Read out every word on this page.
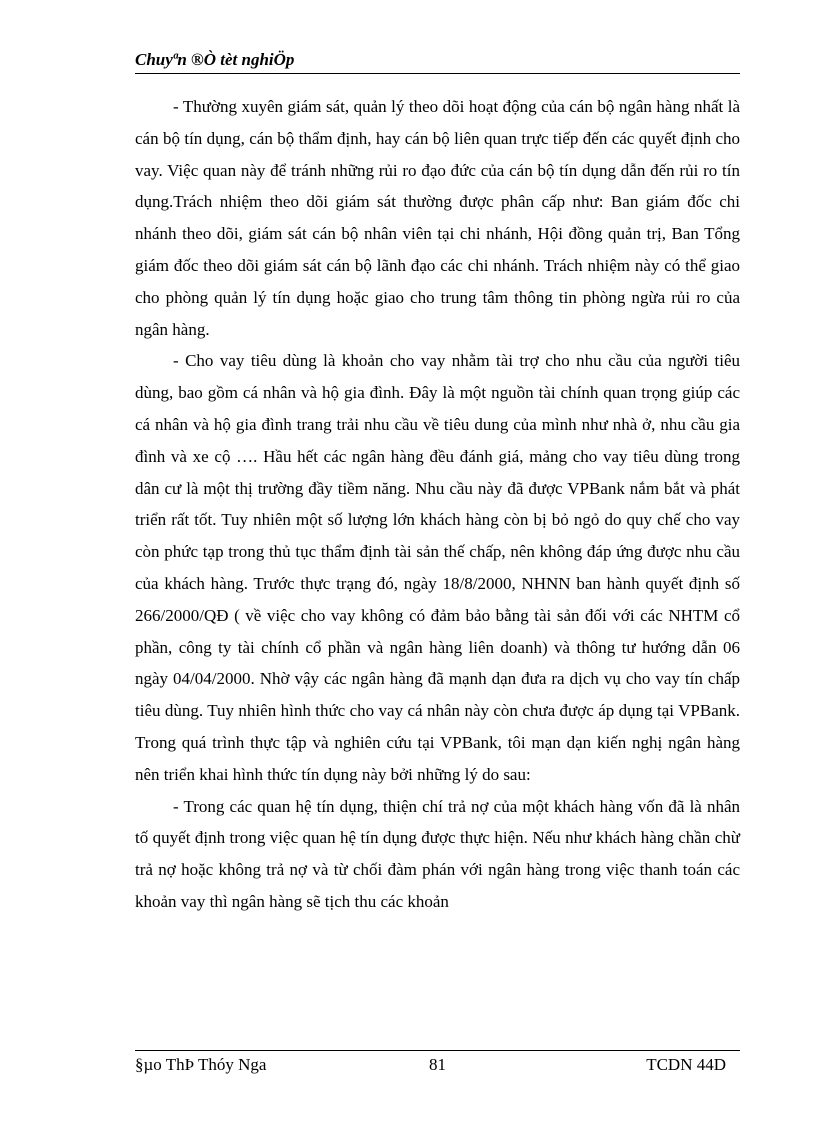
Chuyªn ®Ò tèt nghiÖp

- Thường xuyên giám sát, quản lý theo dõi hoạt động của cán bộ ngân hàng nhất là cán bộ tín dụng, cán bộ thẩm định, hay cán bộ liên quan trực tiếp đến các quyết định cho vay. Việc quan này để tránh những rủi ro đạo đức của cán bộ tín dụng dẫn đến rủi ro tín dụng.Trách nhiệm theo dõi giám sát thường được phân cấp như: Ban giám đốc chi nhánh theo dõi, giám sát cán bộ nhân viên tại chi nhánh, Hội đồng quản trị, Ban Tổng giám đốc theo dõi giám sát cán bộ lãnh đạo các chi nhánh. Trách nhiệm này có thể giao cho phòng quản lý tín dụng hoặc giao cho trung tâm thông tin phòng ngừa rủi ro của ngân hàng.

- Cho vay tiêu dùng là khoản cho vay nhằm tài trợ cho nhu cầu của người tiêu dùng, bao gồm cá nhân và hộ gia đình. Đây là một nguồn tài chính quan trọng giúp các cá nhân và hộ gia đình trang trải nhu cầu về tiêu dung của mình như nhà ở, nhu cầu gia đình và xe cộ …. Hầu hết các ngân hàng đều đánh giá, mảng cho vay tiêu dùng trong dân cư là một thị trường đầy tiềm năng. Nhu cầu này đã được VPBank nắm bắt và phát triển rất tốt. Tuy nhiên một số lượng lớn khách hàng còn bị bỏ ngỏ do quy chế cho vay còn phức tạp trong thủ tục thẩm định tài sản thế chấp, nên không đáp ứng được nhu cầu của khách hàng. Trước thực trạng đó, ngày 18/8/2000, NHNN ban hành quyết định số 266/2000/QĐ ( về việc cho vay không có đảm bảo bằng tài sản đối với các NHTM cổ phần, công ty tài chính cổ phần và ngân hàng liên doanh) và thông tư hướng dẫn 06 ngày 04/04/2000. Nhờ vậy các ngân hàng đã mạnh dạn đưa ra dịch vụ cho vay tín chấp tiêu dùng. Tuy nhiên hình thức cho vay cá nhân này còn chưa được áp dụng tại VPBank. Trong quá trình thực tập và nghiên cứu tại VPBank, tôi mạn dạn kiến nghị ngân hàng nên triển khai hình thức tín dụng này bởi những lý do sau:

- Trong các quan hệ tín dụng, thiện chí trả nợ của một khách hàng vốn đã là nhân tố quyết định trong việc quan hệ tín dụng được thực hiện. Nếu như khách hàng chần chừ trả nợ hoặc không trả nợ và từ chối đàm phán với ngân hàng trong việc thanh toán các khoản vay thì ngân hàng sẽ tịch thu các khoản

§µo ThÞ Thóy Nga	81	TCDN 44D
